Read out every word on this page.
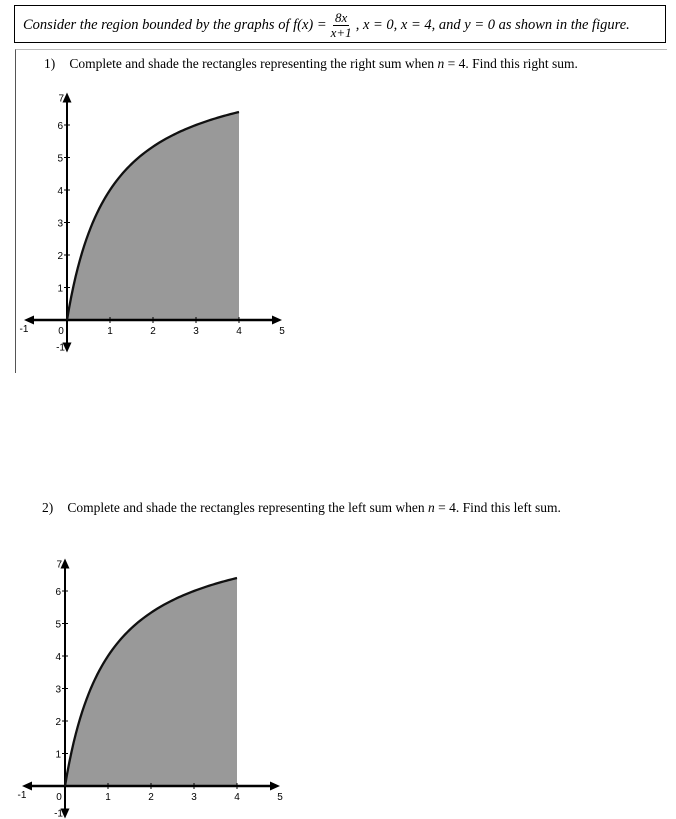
Consider the region bounded by the graphs of
$f(x) = \frac{8x}{x+1}$ , x = 0, x = 4, and y = 0 as shown in the figure.
1) Complete and shade the rectangles representing the right sum when n = 4. Find this right sum.
-1	0	1	2	3	4	5
-1
1
2
3
4
5
6
7
2) Complete and shade the rectangles representing the left sum when n = 4. Find this left sum.
-1	0	1	2	3	4	5
-1
1
2
3
4
5
6
7
